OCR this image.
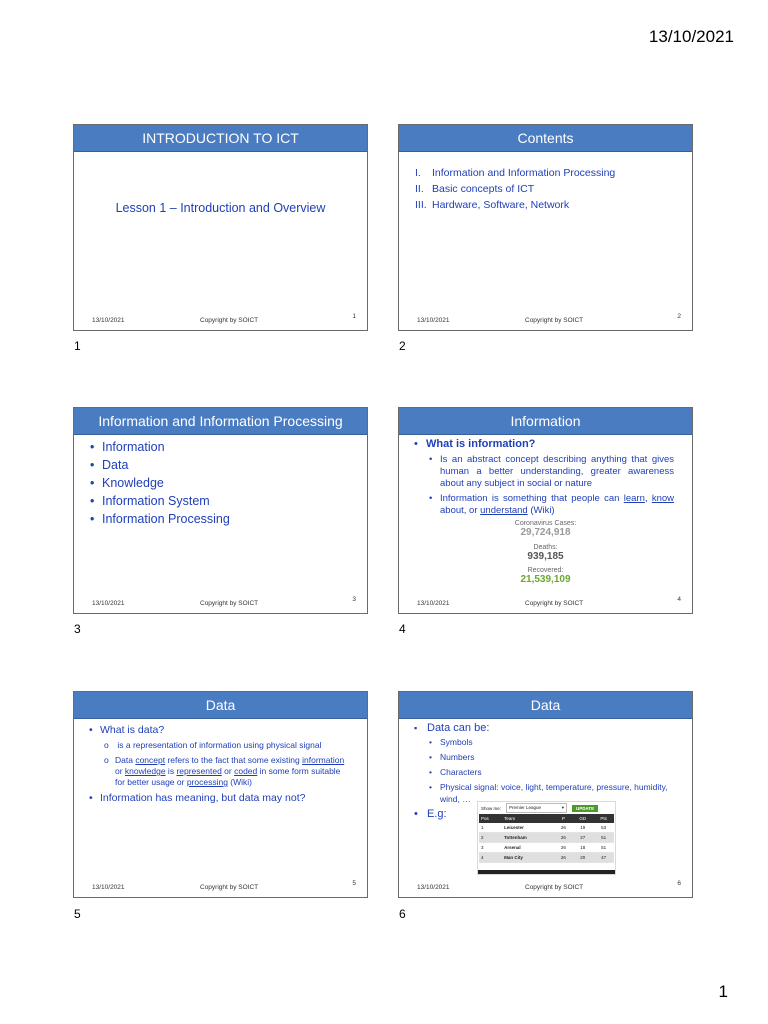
13/10/2021
INTRODUCTION TO ICT
Lesson 1 – Introduction and Overview
13/10/2021	Copyright by SOICT
1
1
Contents
I. Information and Information Processing
II. Basic concepts of ICT
III. Hardware, Software, Network
13/10/2021	Copyright by SOICT
2
2
Information and Information Processing
• Information
• Data
• Knowledge
• Information System
• Information Processing
13/10/2021	Copyright by SOICT
3
3
Information
• What is information?
• Is an abstract concept describing anything that gives human a better understanding, greater awareness about any subject in social or nature
• Information is something that people can learn, know about, or understand (Wiki)
Coronavirus Cases:
29,724,918

Deaths:
939,185
Recovered:
21,539,109
13/10/2021	Copyright by SOICT
4
4
Data
• What is data?
o is a representation of information using physical signal
o Data concept refers to the fact that some existing information or knowledge is represented or coded in some form suitable for better usage or processing (Wiki)
• Information has meaning, but data may not?
13/10/2021	Copyright by SOICT
5
5
Data
▪ Data can be:
• Symbols
• Numbers
• Characters
• Physical signal: voice, light, temperature, pressure, humidity, wind, …
• E.g:	Show me: Premier League	▾	UPDATE
Pos	Team	P	GD	Pts
1	Leicester	26	19	53
2	Tottenham	26	27	51
3	Arsenal	26	18	51
4	Man City	26	20	47
13/10/2021	Copyright by SOICT
6
6
1
